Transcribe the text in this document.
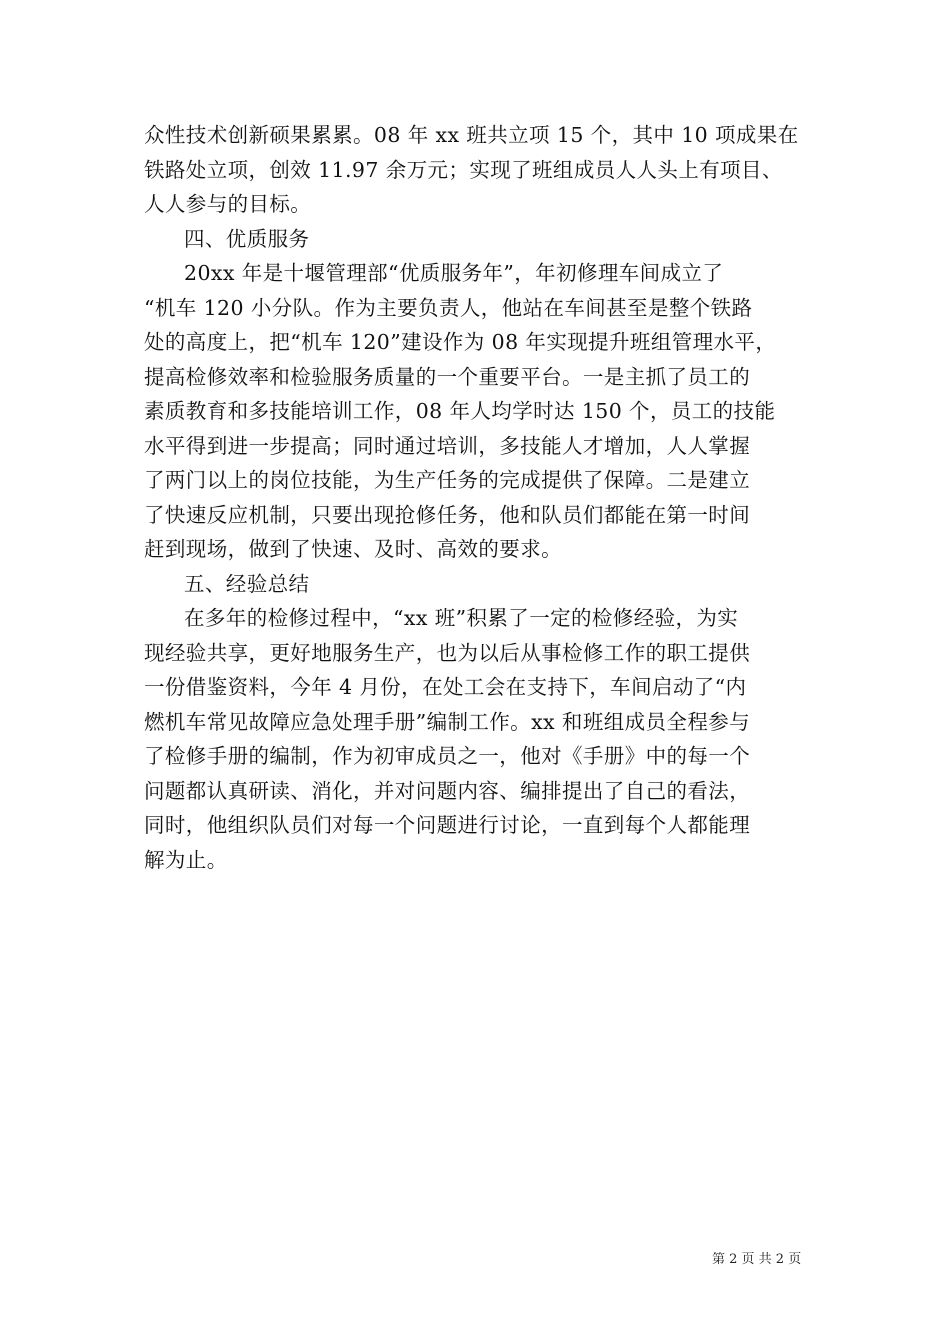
众性技术创新硕果累累。08 年 xx 班共立项 15 个，其中 10 项成果在
铁路处立项，创效 11.97 余万元；实现了班组成员人人头上有项目、
人人参与的目标。
四、优质服务
20xx 年是十堰管理部“优质服务年”，年初修理车间成立了
“机车 120 小分队。作为主要负责人，他站在车间甚至是整个铁路
处的高度上，把“机车 120”建设作为 08 年实现提升班组管理水平，
提高检修效率和检验服务质量的一个重要平台。一是主抓了员工的
素质教育和多技能培训工作，08 年人均学时达 150 个，员工的技能
水平得到进一步提高；同时通过培训，多技能人才增加，人人掌握
了两门以上的岗位技能，为生产任务的完成提供了保障。二是建立
了快速反应机制，只要出现抢修任务，他和队员们都能在第一时间
赶到现场，做到了快速、及时、高效的要求。
五、经验总结
在多年的检修过程中，“xx 班”积累了一定的检修经验，为实
现经验共享，更好地服务生产，也为以后从事检修工作的职工提供
一份借鉴资料，今年 4 月份，在处工会在支持下，车间启动了“内
燃机车常见故障应急处理手册”编制工作。xx 和班组成员全程参与
了检修手册的编制，作为初审成员之一，他对《手册》中的每一个
问题都认真研读、消化，并对问题内容、编排提出了自己的看法，
同时，他组织队员们对每一个问题进行讨论，一直到每个人都能理
解为止。
第 2 页 共 2 页
